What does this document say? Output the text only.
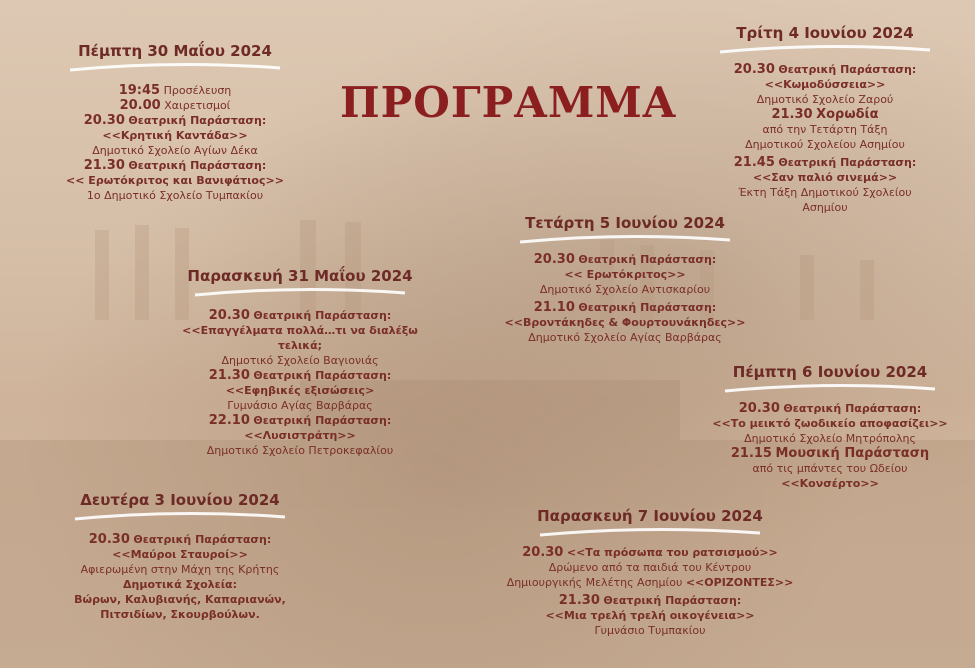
ΠΡΟΓΡΑΜΜΑ
Πέμπτη 30 Μαΐου 2024
19:45 Προσέλευση
20.00 Χαιρετισμοί
20.30 Θεατρική Παράσταση:
<<Κρητική Καντάδα>>
Δημοτικό Σχολείο Αγίων Δέκα
21.30 Θεατρική Παράσταση:
<< Ερωτόκριτος και Βανιφάτιος>>
1ο Δημοτικό Σχολείο Τυμπακίου
Παρασκευή 31 Μαΐου 2024
20.30 Θεατρική Παράσταση:
<<Επαγγέλματα πολλά…τι να διαλέξω τελικά;
Δημοτικό Σχολείο Βαγιονιάς
21.30 Θεατρική Παράσταση:
<<Εφηβικές εξισώσεις>
Γυμνάσιο Αγίας Βαρβάρας
22.10 Θεατρική Παράσταση:
<<Λυσιστράτη>>
Δημοτικό Σχολείο Πετροκεφαλίου
Δευτέρα 3 Ιουνίου 2024
20.30 Θεατρική Παράσταση:
<<Μαύροι Σταυροί>>
Αφιερωμένη στην Μάχη της Κρήτης
Δημοτικά Σχολεία:
Βώρων, Καλυβιανής, Καπαριανών,
Πιτσιδίων, Σκουρβούλων.
Τρίτη 4 Ιουνίου 2024
20.30 Θεατρική Παράσταση:
<<Κωμοδύσσεια>>
Δημοτικό Σχολείο Ζαρού
21.30 Χορωδία
από την Τετάρτη Τάξη
Δημοτικού Σχολείου Ασημίου
21.45 Θεατρική Παράσταση:
<<Σαν παλιό σινεμά>>
Έκτη Τάξη Δημοτικού Σχολείου
Ασημίου
Τετάρτη 5 Ιουνίου 2024
20.30 Θεατρική Παράσταση:
<< Ερωτόκριτος>>
Δημοτικό Σχολείο Αντισκαρίου
21.10 Θεατρική Παράσταση:
<<Βροντάκηδες & Φουρτουνάκηδες>>
Δημοτικό Σχολείο Αγίας Βαρβάρας
Πέμπτη 6 Ιουνίου 2024
20.30 Θεατρική Παράσταση:
<<Το μεικτό ζωοδικείο αποφασίζει>>
Δημοτικό Σχολείο Μητρόπολης
21.15 Μουσική Παράσταση
από τις μπάντες του Ωδείου
<<Κονσέρτο>>
Παρασκευή 7 Ιουνίου 2024
20.30 <<Τα πρόσωπα του ρατσισμού>>
Δρώμενο από τα παιδιά του Κέντρου
Δημιουργικής Μελέτης Ασημίου <<ΟΡΙΖΟΝΤΕΣ>>
21.30 Θεατρική Παράσταση:
<<Μια τρελή τρελή οικογένεια>>
Γυμνάσιο Τυμπακίου
